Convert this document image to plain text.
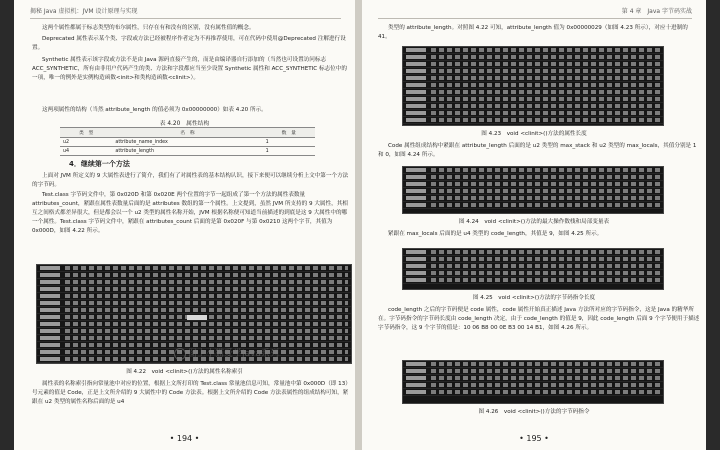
揭秘 Java 虚拟机：JVM 设计原理与实现
这两个属性都属于标志类型的布尔属性，只存在有和没有的区别，没有属性值的概念。
Deprecated 属性表示某个类、字段或方法已经被程序作者定为不再推荐使用，可在代码中使用@Deprecated 注解进行设置。
Synthetic 属性表示该字段或方法不是由 Java 源码直接产生的，而是由编译器自行添加的（当然也可设置访问标志 ACC_SYNTHETIC，所有由非用户代码产生的类、方法和字段都应当至少设置 Synthetic 属性和 ACC_SYNTHETIC 标志位中的一项，唯一的例外是实例构造函数<init>和类构造函数<clinit>）。
这两项属性的结构（当然 attribute_length 的值必须为 0x00000000）如表 4.20 所示。
表 4.20　属性结构
类　型	名　称	数　量
u2	attribute_name_index	1
u4	attribute_length	1
4．继续第一个方法
上面对 JVM 所定义的 9 大属性表进行了简介，我们有了对属性表的基本结构认识，接下来便可以继续分析上文中第一个方法的字节码。
Test.class 字节码文件中，第 0x020D 和第 0x020E 两个位置的字节一起组成了第一个方法的属性表数量 attributes_count，紧跟在属性表数量后面的是 attributes 数组的第一个属性。上文提到，虽然 JVM 所支持的 9 大属性，其相互之间格式都差异很大，但是都会以一个 u2 类型的属性名称开始，JVM 根据名称便可知道当前描述的到底是这 9 大属性中的哪一个属性。Test.class 字节码文件中，紧跟在 attributes_count 后面的是第 0x020F 与第 0x0210 这两个字节，其值为 0x000D，如图 4.22 所示。
图上小猫爱学Java系列
图 4.22　void <clinit>()方法的属性名称索引
属性表的名称索引指向常量池中对应的位置，根据上文所打印的 Test.class 常量池信息可知，常量池中第 0x000D（即 13）号元素的值是 Code，正是上文所介绍的 9 大属性中的 Code 方法表。根据上文所介绍的 Code 方法表属性的组成结构可知，紧跟在 u2 类型的属性名称后面的是 u4
• 194 •
第 4 章　Java 字节码实战
类型的 attribute_length。对照图 4.22 可知，attribute_length 值为 0x00000029（如图 4.23 所示），对应十进制的 41。
图 4.23　void <clinit>()方法的属性长度
Code 属性组成结构中紧跟在 attribute_length 后面的是 u2 类型的 max_stack 和 u2 类型的 max_locals，其值分别是 1 和 0，如图 4.24 所示。
图 4.24　void <clinit>()方法的最大操作数栈和局部变量表
紧跟在 max_locals 后面的是 u4 类型的 code_length，其值是 9，如图 4.25 所示。
图 4.25　void <clinit>()方法的字节码指令长度
code_length 之后的字节码便是 code 属性，code 属性开始真正描述 Java 方法所对应的字节码指令，这是 Java 的精华所在。字节码指令的字节码长度由 code_length 决定，由于 code_length 的值是 9，因此 code_length 后面 9 个字节便用于描述字节码指令，这 9 个字节的值是：10 06 B8 00 0E B3 00 14 B1，如图 4.26 所示。
图 4.26　void <clinit>()方法的字节码指令
• 195 •
